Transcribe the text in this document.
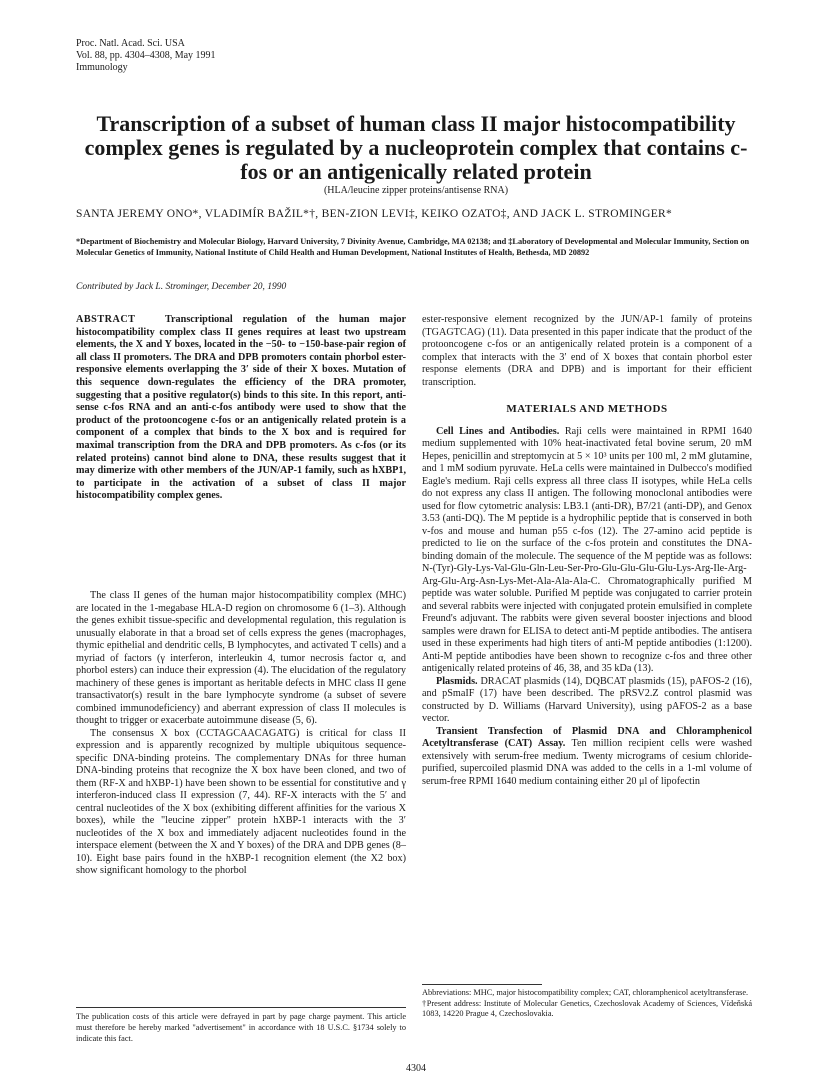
Proc. Natl. Acad. Sci. USA
Vol. 88, pp. 4304–4308, May 1991
Immunology
Transcription of a subset of human class II major histocompatibility complex genes is regulated by a nucleoprotein complex that contains c-fos or an antigenically related protein
(HLA/leucine zipper proteins/antisense RNA)
SANTA JEREMY ONO*, VLADIMÍR BAŽIL*†, BEN-ZION LEVI‡, KEIKO OZATO‡, AND JACK L. STROMINGER*
*Department of Biochemistry and Molecular Biology, Harvard University, 7 Divinity Avenue, Cambridge, MA 02138; and ‡Laboratory of Developmental and Molecular Immunity, Section on Molecular Genetics of Immunity, National Institute of Child Health and Human Development, National Institutes of Health, Bethesda, MD 20892
Contributed by Jack L. Strominger, December 20, 1990
ABSTRACT	Transcriptional regulation of the human major histocompatibility complex class II genes requires at least two upstream elements, the X and Y boxes, located in the −50- to −150-base-pair region of all class II promoters. The DRA and DPB promoters contain phorbol ester-responsive elements overlapping the 3′ side of their X boxes. Mutation of this sequence down-regulates the efficiency of the DRA promoter, suggesting that a positive regulator(s) binds to this site. In this report, anti-sense c-fos RNA and an anti-c-fos antibody were used to show that the product of the protooncogene c-fos or an antigenically related protein is a component of a complex that binds to the X box and is required for maximal transcription from the DRA and DPB promoters. As c-fos (or its related proteins) cannot bind alone to DNA, these results suggest that it may dimerize with other members of the JUN/AP-1 family, such as hXBP1, to participate in the activation of a subset of class II major histocompatibility complex genes.

The class II genes of the human major histocompatibility complex (MHC) are located in the 1-megabase HLA-D region on chromosome 6 (1–3). Although the genes exhibit tissue-specific and developmental regulation, this regulation is unusually elaborate in that a broad set of cells express the genes (macrophages, thymic epithelial and dendritic cells, B lymphocytes, and activated T cells) and a myriad of factors (γ interferon, interleukin 4, tumor necrosis factor α, and phorbol esters) can induce their expression (4). The elucidation of the regulatory machinery of these genes is important as heritable defects in MHC class II gene transactivator(s) result in the bare lymphocyte syndrome (a subset of severe combined immunodeficiency) and aberrant expression of class II molecules is thought to trigger or exacerbate autoimmune disease (5, 6).

The consensus X box (CCTAGCAACAGATG) is critical for class II expression and is apparently recognized by multiple ubiquitous sequence-specific DNA-binding proteins. The complementary DNAs for three human DNA-binding proteins that recognize the X box have been cloned, and two of them (RF-X and hXBP-1) have been shown to be essential for constitutive and γ interferon-induced class II expression (7, 44). RF-X interacts with the 5′ and central nucleotides of the X box (exhibiting different affinities for the various X boxes), while the "leucine zipper" protein hXBP-1 interacts with the 3′ nucleotides of the X box and immediately adjacent nucleotides found in the interspace element (between the X and Y boxes) of the DRA and DPB genes (8–10). Eight base pairs found in the hXBP-1 recognition element (the X2 box) show significant homology to the phorbol

ester-responsive element recognized by the JUN/AP-1 family of proteins (TGAGTCAG) (11). Data presented in this paper indicate that the product of the protooncogene c-fos or an antigenically related protein is a component of a complex that interacts with the 3′ end of X boxes that contain phorbol ester response elements (DRA and DPB) and is important for their efficient transcription.

MATERIALS AND METHODS

Cell Lines and Antibodies. Raji cells were maintained in RPMI 1640 medium supplemented with 10% heat-inactivated fetal bovine serum, 20 mM Hepes, penicillin and streptomycin at 5 × 10³ units per 100 ml, 2 mM glutamine, and 1 mM sodium pyruvate. HeLa cells were maintained in Dulbecco's modified Eagle's medium. Raji cells express all three class II isotypes, while HeLa cells do not express any class II antigen. The following monoclonal antibodies were used for flow cytometric analysis: LB3.1 (anti-DR), B7/21 (anti-DP), and Genox 3.53 (anti-DQ). The M peptide is a hydrophilic peptide that is conserved in both v-fos and mouse and human p55 c-fos (12). The 27-amino acid peptide is predicted to lie on the surface of the c-fos protein and constitutes the DNA-binding domain of the molecule. The sequence of the M peptide was as follows: N-(Tyr)-Gly-Lys-Val-Glu-Gln-Leu-Ser-Pro-Glu-Glu-Glu-Glu-Lys-Arg-Ile-Arg-Arg-Glu-Arg-Asn-Lys-Met-Ala-Ala-Ala-C. Chromatographically purified M peptide was water soluble. Purified M peptide was conjugated to carrier protein and several rabbits were injected with conjugated protein emulsified in complete Freund's adjuvant. The rabbits were given several booster injections and blood samples were drawn for ELISA to detect anti-M peptide antibodies. The antisera used in these experiments had high titers of anti-M peptide antibodies (1:1200). Anti-M peptide antibodies have been shown to recognize c-fos and three other antigenically related proteins of 46, 38, and 35 kDa (13).

Plasmids. DRACAT plasmids (14), DQBCAT plasmids (15), pAFOS-2 (16), and pSmaIF (17) have been described. The pRSV2.Z control plasmid was constructed by D. Williams (Harvard University), using pAFOS-2 as a base vector.

Transient Transfection of Plasmid DNA and Chloramphenicol Acetyltransferase (CAT) Assay. Ten million recipient cells were washed extensively with serum-free medium. Twenty micrograms of cesium chloride-purified, supercoiled plasmid DNA was added to the cells in a 1-ml volume of serum-free RPMI 1640 medium containing either 20 μl of lipofectin

Abbreviations: MHC, major histocompatibility complex; CAT, chloramphenicol acetyltransferase.
†Present address: Institute of Molecular Genetics, Czechoslovak Academy of Sciences, Vídeňská 1083, 14220 Prague 4, Czechoslovakia.
The publication costs of this article were defrayed in part by page charge payment. This article must therefore be hereby marked "advertisement" in accordance with 18 U.S.C. §1734 solely to indicate this fact.
4304
